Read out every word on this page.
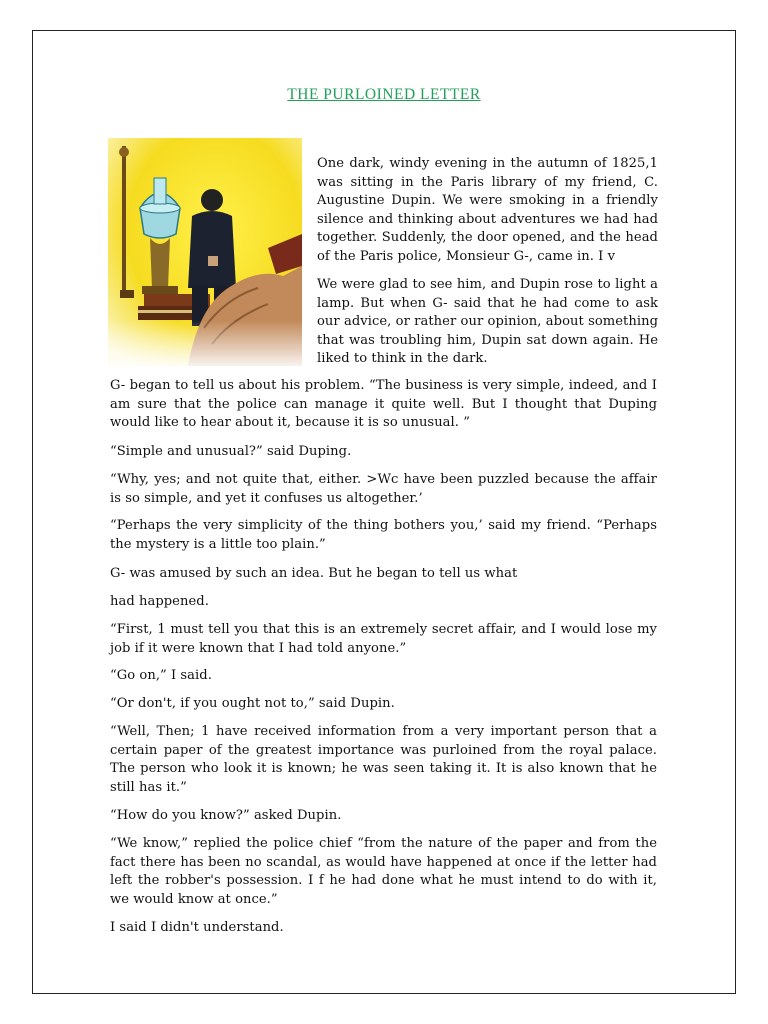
THE PURLOINED LETTER

One dark, windy evening in the autumn of 1825,1 was sitting in the Paris library of my friend, C. Augustine Dupin. We were smoking in a friendly silence and thinking about adventures we had had together. Suddenly, the door opened, and the head of the Paris police, Monsieur G-, came in. I v

We were glad to see him, and Dupin rose to light a lamp. But when G- said that he had come to ask our advice, or rather our opinion, about something that was troubling him, Dupin sat down again. He liked to think in the dark.

G- began to tell us about his problem. “The business is very simple, indeed, and I am sure that the police can manage it quite well. But I thought that Duping would like to hear about it, because it is so unusual. ”

“Simple and unusual?” said Duping.

“Why, yes; and not quite that, either. >Wc have been puzzled because the affair is so simple, and yet it confuses us altogether.’

“Perhaps the very simplicity of the thing bothers you,’ said my friend. “Perhaps the mystery is a little too plain.”

G- was amused by such an idea. But he began to tell us what

had happened.

“First, 1 must tell you that this is an extremely secret affair, and I would lose my job if it were known that I had told anyone.”

“Go on,” I said.

“Or don't, if you ought not to,” said Dupin.

“Well, Then; 1 have received information from a very important person that a certain paper of the greatest importance was purloined from the royal palace. The person who look it is known; he was seen taking it. It is also known that he still has it.”

“How do you know?” asked Dupin.

“We know,” replied the police chief “from the nature of the paper and from the fact there has been no scandal, as would have happened at once if the letter had left the robber's possession. I f he had done what he must intend to do with it, we would know at once.”

I said I didn't understand.
